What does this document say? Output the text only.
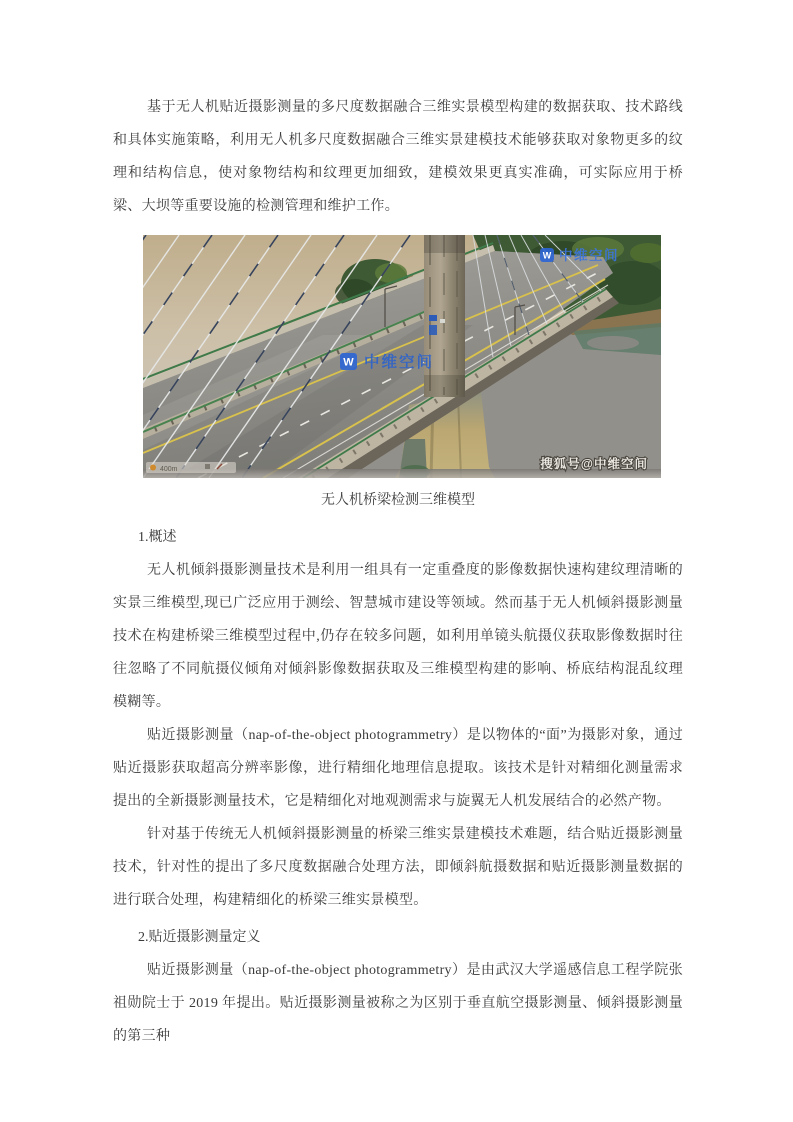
基于无人机贴近摄影测量的多尺度数据融合三维实景模型构建的数据获取、技术路线和具体实施策略，利用无人机多尺度数据融合三维实景建模技术能够获取对象物更多的纹理和结构信息，使对象物结构和纹理更加细致，建模效果更真实准确，可实际应用于桥梁、大坝等重要设施的检测管理和维护工作。

400m
W 中维空间
W 中维空间
搜狐号@中维空间
无人机桥梁检测三维模型
1.概述

无人机倾斜摄影测量技术是利用一组具有一定重叠度的影像数据快速构建纹理清晰的实景三维模型,现已广泛应用于测绘、智慧城市建设等领域。然而基于无人机倾斜摄影测量技术在构建桥梁三维模型过程中,仍存在较多问题，如利用单镜头航摄仪获取影像数据时往往忽略了不同航摄仪倾角对倾斜影像数据获取及三维模型构建的影响、桥底结构混乱纹理模糊等。

贴近摄影测量（nap-of-the-object photogrammetry）是以物体的“面”为摄影对象，通过贴近摄影获取超高分辨率影像，进行精细化地理信息提取。该技术是针对精细化测量需求提出的全新摄影测量技术，它是精细化对地观测需求与旋翼无人机发展结合的必然产物。

针对基于传统无人机倾斜摄影测量的桥梁三维实景建模技术难题，结合贴近摄影测量技术，针对性的提出了多尺度数据融合处理方法，即倾斜航摄数据和贴近摄影测量数据的进行联合处理，构建精细化的桥梁三维实景模型。

2.贴近摄影测量定义

贴近摄影测量（nap-of-the-object photogrammetry）是由武汉大学遥感信息工程学院张祖勋院士于 2019 年提出。贴近摄影测量被称之为区别于垂直航空摄影测量、倾斜摄影测量的第三种
